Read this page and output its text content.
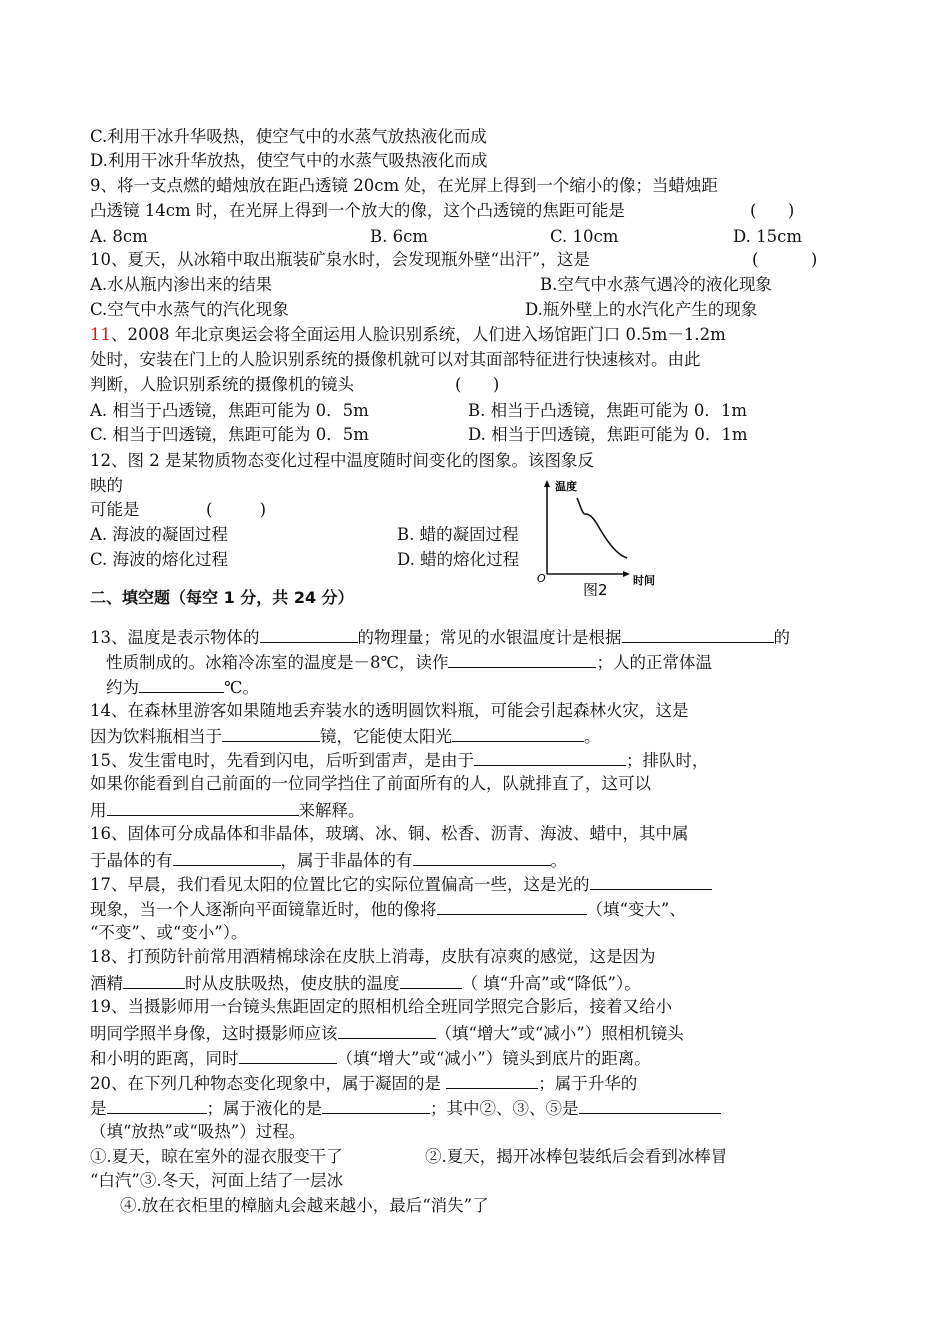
C.利用干冰升华吸热，使空气中的水蒸气放热液化而成
D.利用干冰升华放热，使空气中的水蒸气吸热液化而成
9、将一支点燃的蜡烛放在距凸透镜 20cm 处，在光屏上得到一个缩小的像；当蜡烛距
凸透镜 14cm 时，在光屏上得到一个放大的像，这个凸透镜的焦距可能是	(      )
A. 8cm	B. 6cm	C. 10cm	D. 15cm
10、夏天，从冰箱中取出瓶装矿泉水时，会发现瓶外壁“出汗”，这是	(          )
A.水从瓶内渗出来的结果	B.空气中水蒸气遇冷的液化现象
C.空气中水蒸气的汽化现象	D.瓶外壁上的水汽化产生的现象
11、2008 年北京奥运会将全面运用人脸识别系统，人们进入场馆距门口 0.5m－1.2m
处时，安装在门上的人脸识别系统的摄像机就可以对其面部特征进行快速核对。由此
判断，人脸识别系统的摄像机的镜头	(      )
A. 相当于凸透镜，焦距可能为 0．5m	B. 相当于凸透镜，焦距可能为 0．1m
C. 相当于凹透镜，焦距可能为 0．5m	D. 相当于凹透镜，焦距可能为 0．1m
12、图 2 是某物质物态变化过程中温度随时间变化的图象。该图象反
映的
可能是	(         )
A. 海波的凝固过程	B. 蜡的凝固过程
C. 海波的熔化过程	D. 蜡的熔化过程
温度
O	时间
图2
二、填空题（每空 1 分，共 24 分）
13、温度是表示物体的	的物理量；常见的水银温度计是根据	的
性质制成的。冰箱冷冻室的温度是－8℃，读作	；人的正常体温
约为	℃。
14、在森林里游客如果随地丢弃装水的透明圆饮料瓶，可能会引起森林火灾，这是
因为饮料瓶相当于	镜，它能使太阳光	。
15、发生雷电时，先看到闪电，后听到雷声，是由于	；排队时，
如果你能看到自己前面的一位同学挡住了前面所有的人，队就排直了，这可以
用	来解释。
16、固体可分成晶体和非晶体，玻璃、冰、铜、松香、沥青、海波、蜡中，其中属
于晶体的有	，属于非晶体的有	。
17、早晨，我们看见太阳的位置比它的实际位置偏高一些，这是光的
现象，当一个人逐渐向平面镜靠近时，他的像将	（填“变大”、
“不变”、或“变小”）。
18、打预防针前常用酒精棉球涂在皮肤上消毒，皮肤有凉爽的感觉，这是因为
酒精	时从皮肤吸热，使皮肤的温度	（ 填“升高”或“降低”）。
19、当摄影师用一台镜头焦距固定的照相机给全班同学照完合影后，接着又给小
明同学照半身像，这时摄影师应该	（填“增大”或“减小”）照相机镜头
和小明的距离，同时	（填“增大”或“减小”）镜头到底片的距离。
20、在下列几种物态变化现象中，属于凝固的是	；属于升华的
是	；属于液化的是	；其中②、③、⑤是
（填“放热”或“吸热”）过程。
①.夏天，晾在室外的湿衣服变干了	②.夏天，揭开冰棒包装纸后会看到冰棒冒
“白汽”③.冬天，河面上结了一层冰
④.放在衣柜里的樟脑丸会越来越小，最后“消失”了
